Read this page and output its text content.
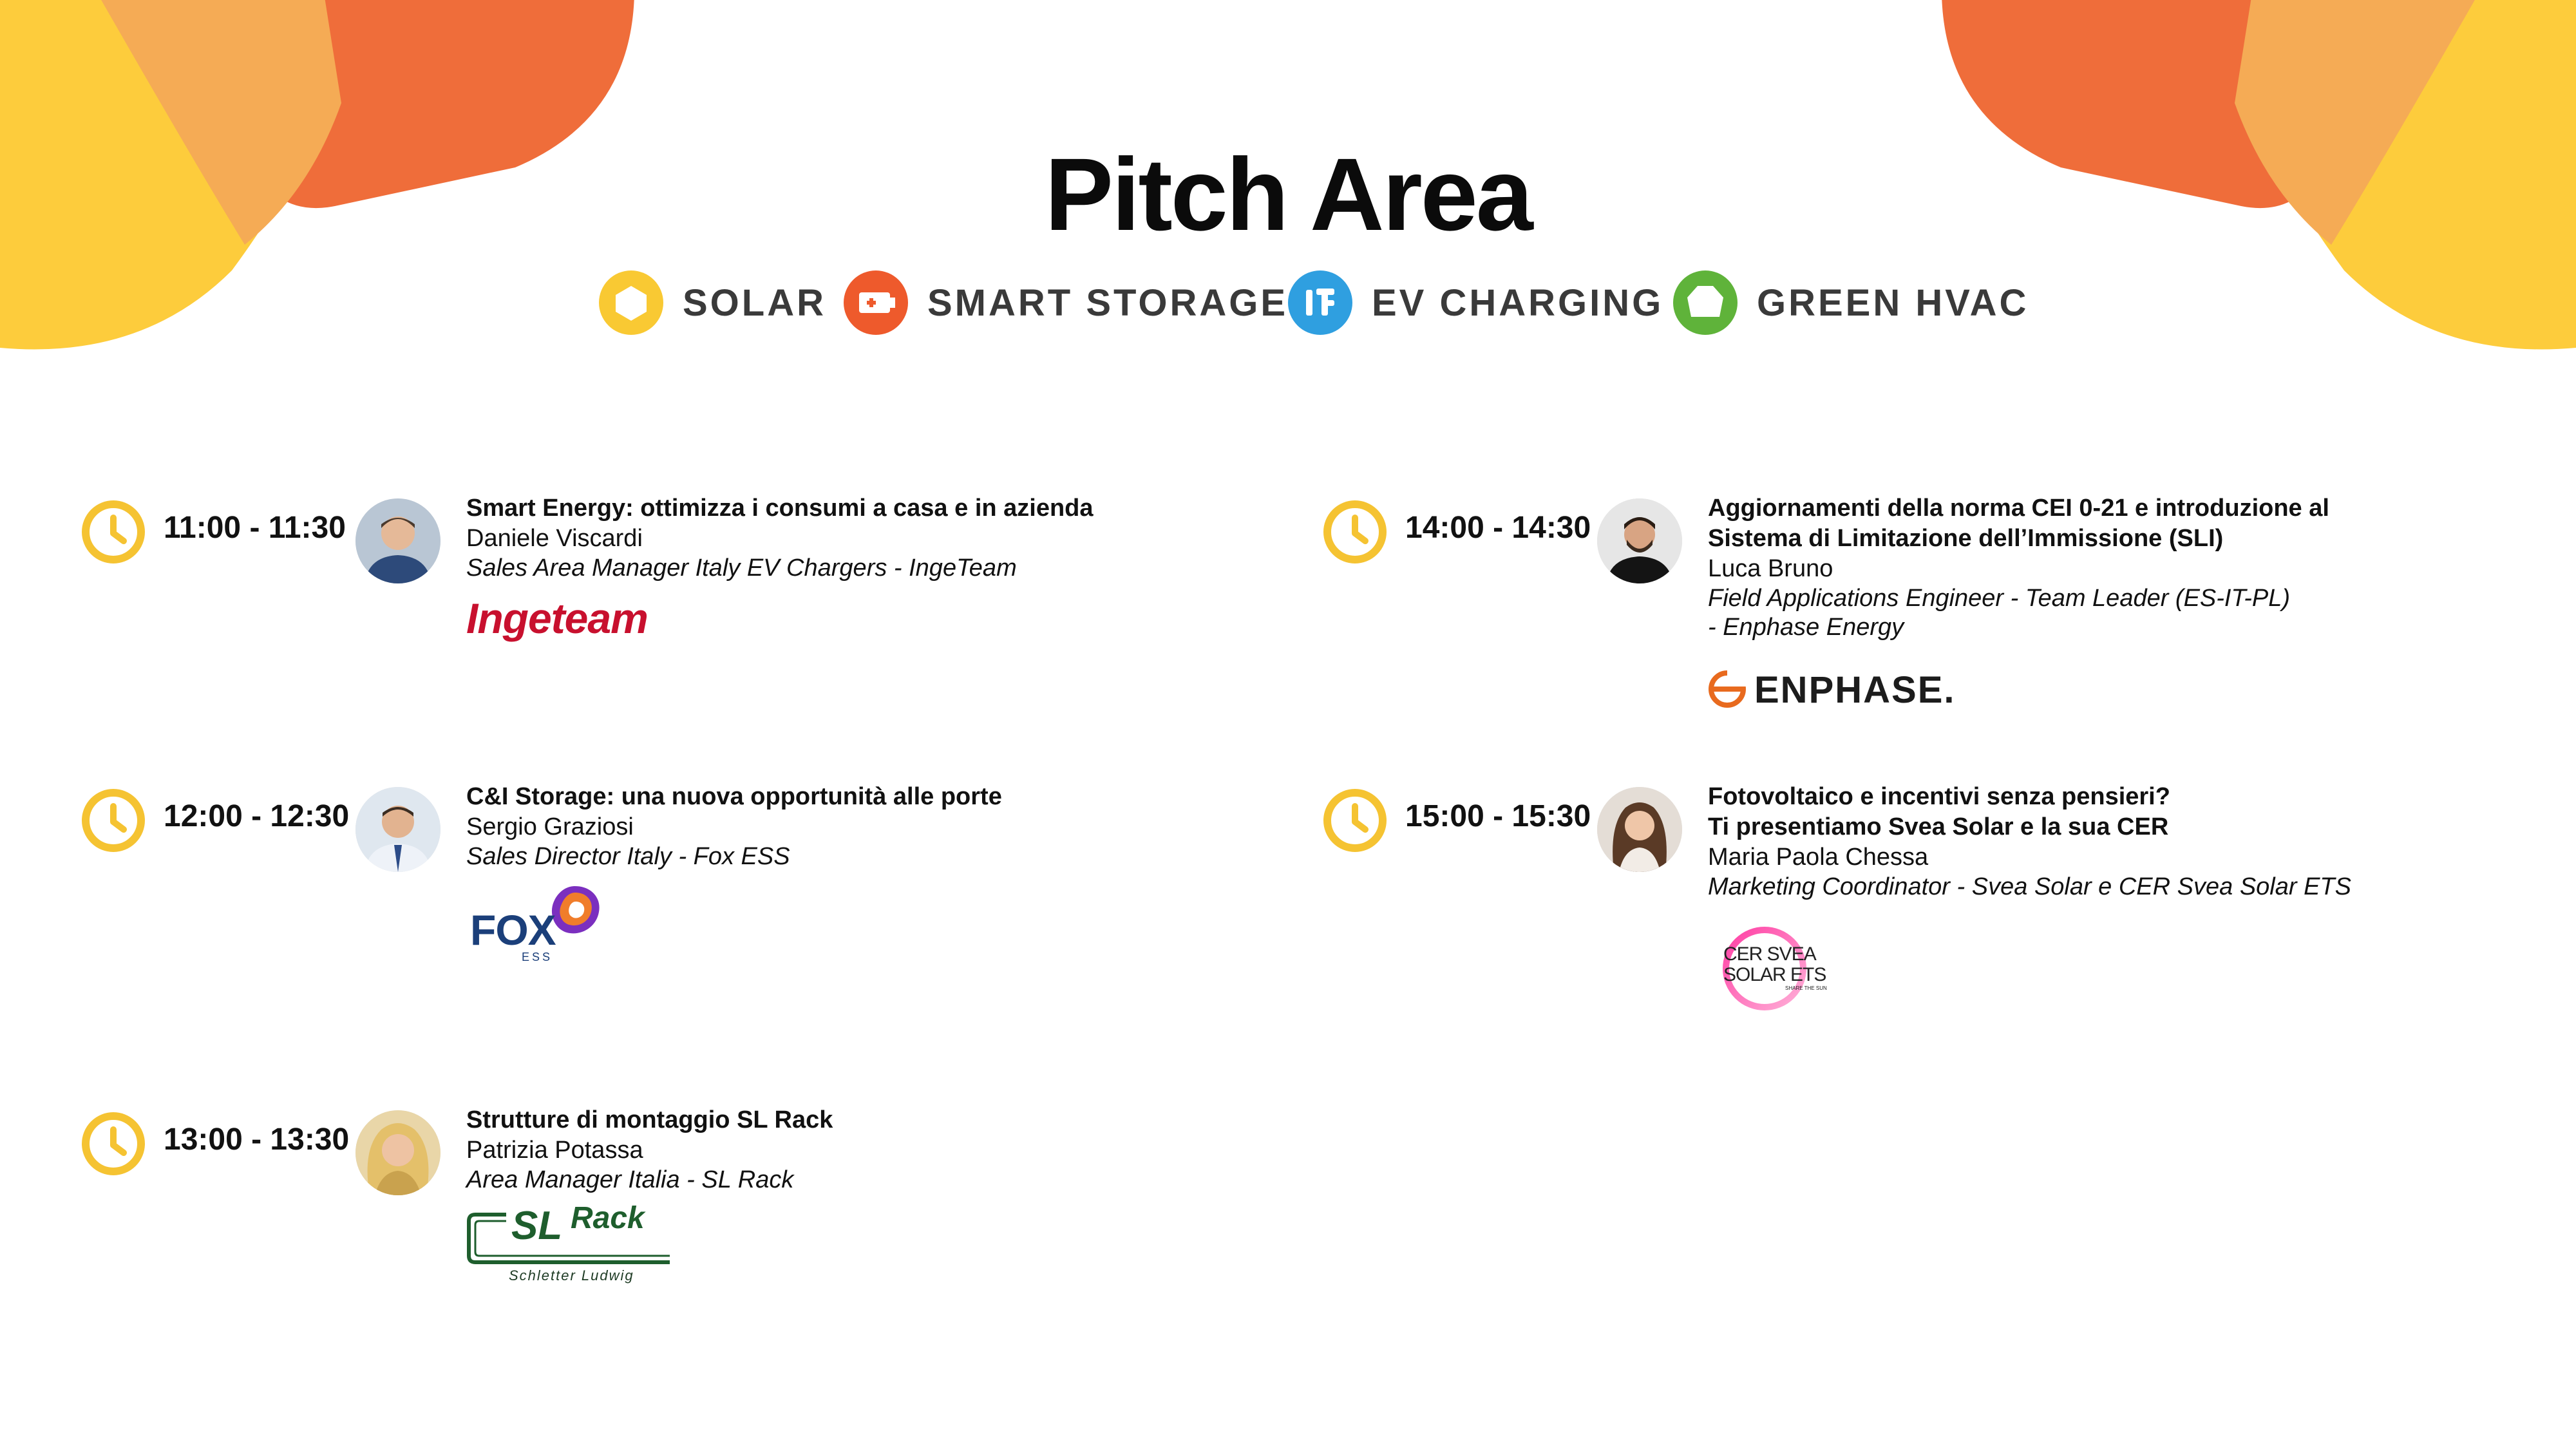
Pitch Area
SOLAR	SMART STORAGE EV CHARGING GREEN HVAC
11:00 - 11:30
Smart Energy: ottimizza i consumi a casa e in azienda
Daniele Viscardi
Sales Area Manager Italy EV Chargers - IngeTeam
Ingeteam
12:00 - 12:30
C&I Storage: una nuova opportunità alle porte
Sergio Graziosi
Sales Director Italy - Fox ESS
FOX
ESS
13:00 - 13:30
Strutture di montaggio SL Rack
Patrizia Potassa
Area Manager Italia - SL Rack
SL Rack
Schletter Ludwig
14:00 - 14:30
Aggiornamenti della norma CEI 0-21 e introduzione al
Sistema di Limitazione dell’Immissione (SLI)
Luca Bruno
Field Applications Engineer - Team Leader (ES-IT-PL)
- Enphase Energy
ENPHASE.
15:00 - 15:30
Fotovoltaico e incentivi senza pensieri?
Ti presentiamo Svea Solar e la sua CER
Maria Paola Chessa
Marketing Coordinator - Svea Solar e CER Svea Solar ETS
CER SVEA
SOLAR ETS
SHARE THE SUN
